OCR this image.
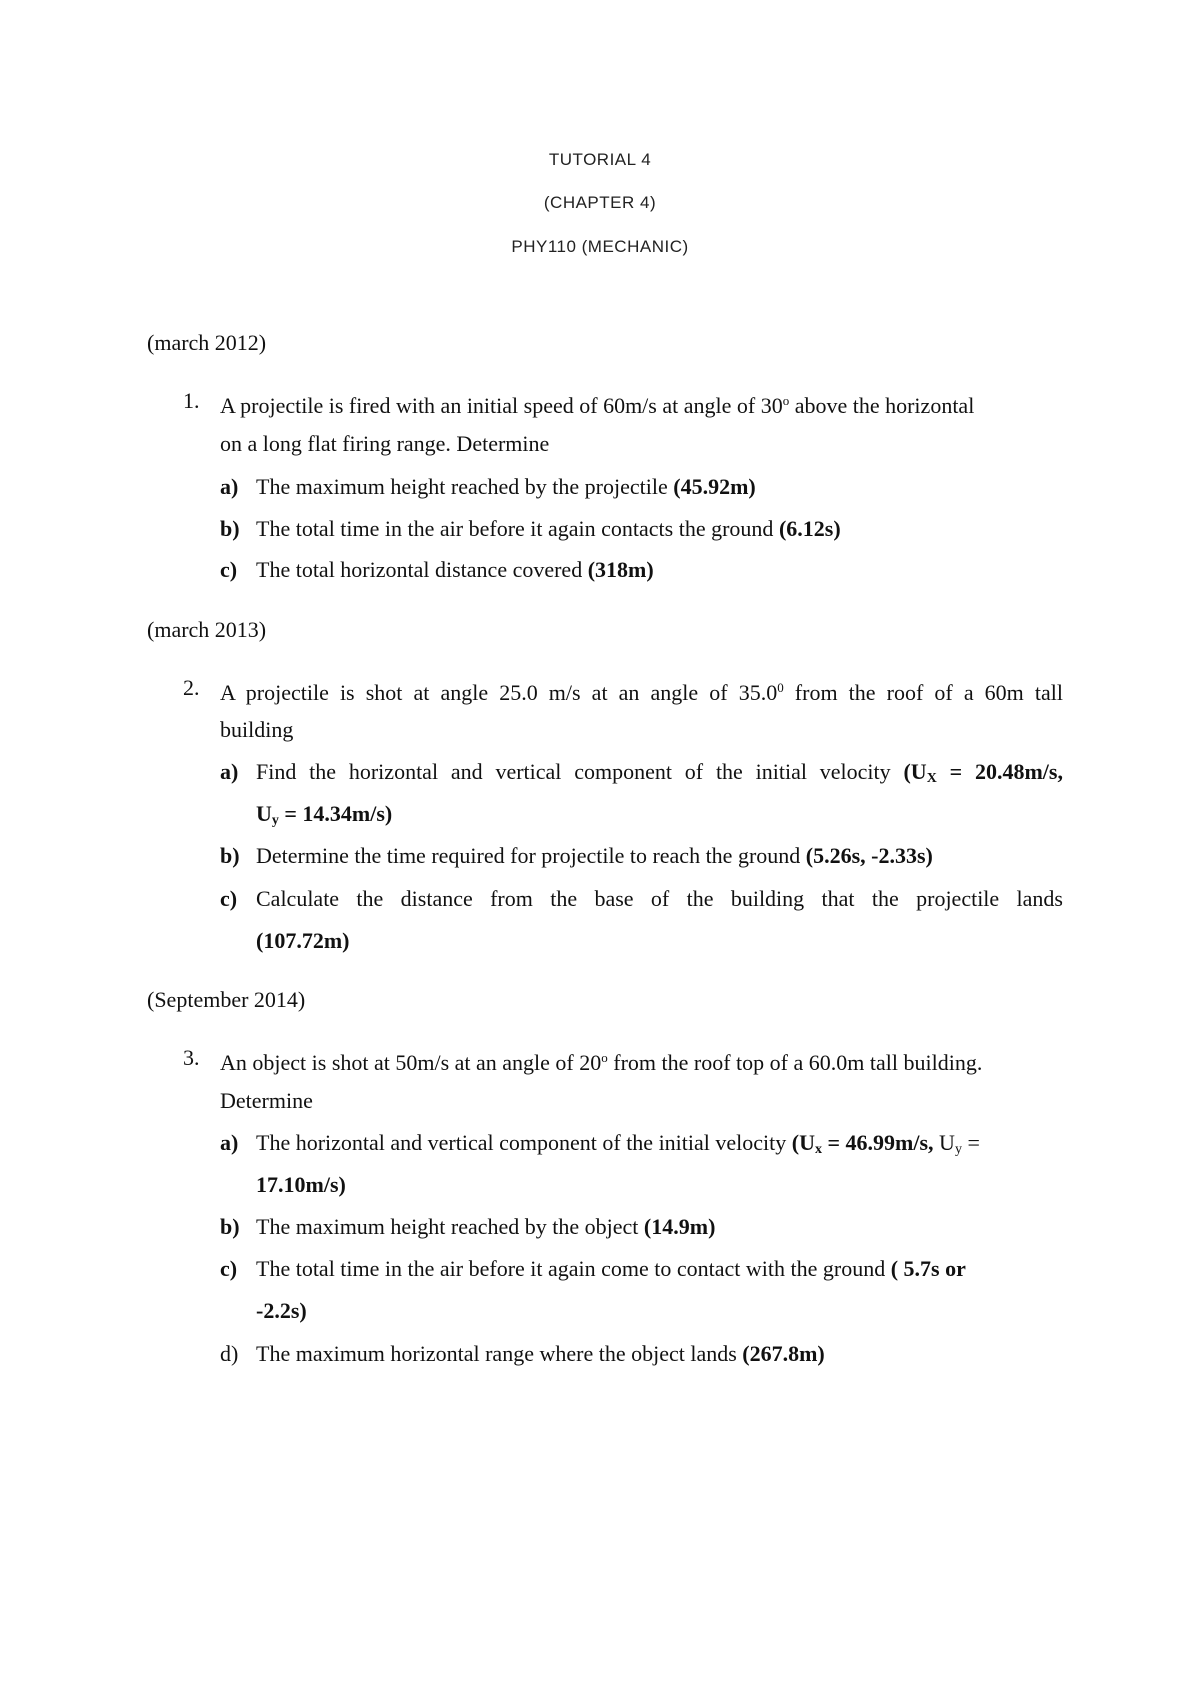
TUTORIAL 4
(CHAPTER 4)
PHY110 (MECHANIC)
(march 2012)
1. A projectile is fired with an initial speed of 60m/s at angle of 30$^o$ above the horizontal
on a long flat firing range. Determine
a) The maximum height reached by the projectile (45.92m)
b) The total time in the air before it again contacts the ground (6.12s)
c) The total horizontal distance covered (318m)
(march 2013)
2. A projectile is shot at angle 25.0 m/s at an angle of 35.0$^0$ from the roof of a 60m tall
building
a) Find the horizontal and vertical component of the initial velocity ($U_X = 20.48m/s$,
$U_y = 14.34m/s$)
b) Determine the time required for projectile to reach the ground (5.26s, -2.33s)
c) Calculate the distance from the base of the building that the projectile lands
(107.72m)
(September 2014)
3. An object is shot at 50m/s at an angle of 20$^o$ from the roof top of a 60.0m tall building.
Determine
a) The horizontal and vertical component of the initial velocity ($U_x = 46.99m/s$, $U_y$ =
17.10m/s)
b) The maximum height reached by the object (14.9m)
c) The total time in the air before it again come to contact with the ground ( 5.7s or
-2.2s)
d) The maximum horizontal range where the object lands (267.8m)
